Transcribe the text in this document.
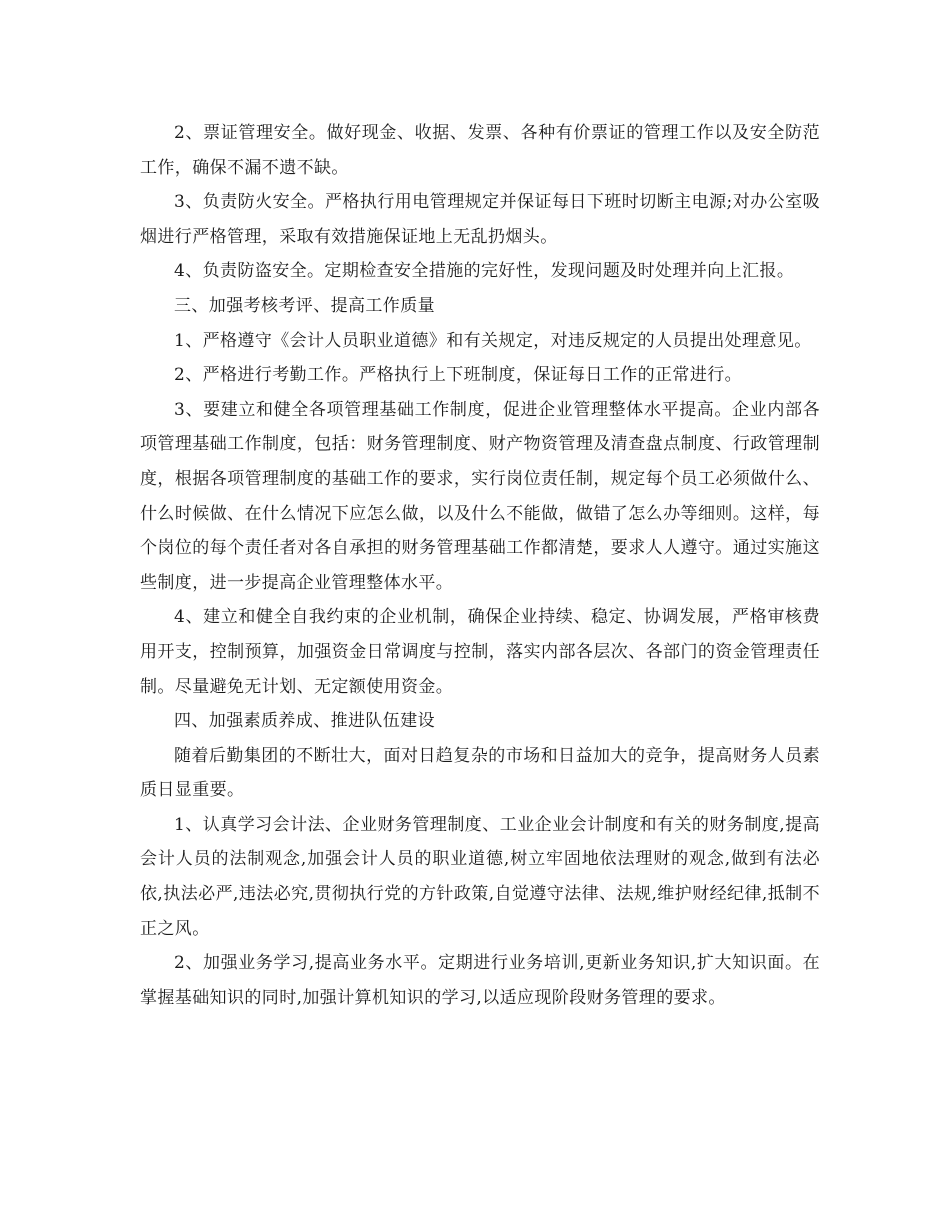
2、票证管理安全。做好现金、收据、发票、各种有价票证的管理工作以及安全防范工作，确保不漏不遗不缺。

3、负责防火安全。严格执行用电管理规定并保证每日下班时切断主电源;对办公室吸烟进行严格管理，采取有效措施保证地上无乱扔烟头。

4、负责防盗安全。定期检查安全措施的完好性，发现问题及时处理并向上汇报。

三、加强考核考评、提高工作质量

1、严格遵守《会计人员职业道德》和有关规定，对违反规定的人员提出处理意见。

2、严格进行考勤工作。严格执行上下班制度，保证每日工作的正常进行。

3、要建立和健全各项管理基础工作制度，促进企业管理整体水平提高。企业内部各项管理基础工作制度，包括：财务管理制度、财产物资管理及清查盘点制度、行政管理制度，根据各项管理制度的基础工作的要求，实行岗位责任制，规定每个员工必须做什么、什么时候做、在什么情况下应怎么做，以及什么不能做，做错了怎么办等细则。这样，每个岗位的每个责任者对各自承担的财务管理基础工作都清楚，要求人人遵守。通过实施这些制度，进一步提高企业管理整体水平。

4、建立和健全自我约束的企业机制，确保企业持续、稳定、协调发展，严格审核费用开支，控制预算，加强资金日常调度与控制，落实内部各层次、各部门的资金管理责任制。尽量避免无计划、无定额使用资金。

四、加强素质养成、推进队伍建设

随着后勤集团的不断壮大，面对日趋复杂的市场和日益加大的竞争，提高财务人员素质日显重要。

1、认真学习会计法、企业财务管理制度、工业企业会计制度和有关的财务制度,提高会计人员的法制观念,加强会计人员的职业道德,树立牢固地依法理财的观念,做到有法必依,执法必严,违法必究,贯彻执行党的方针政策,自觉遵守法律、法规,维护财经纪律,抵制不正之风。

2、加强业务学习,提高业务水平。定期进行业务培训,更新业务知识,扩大知识面。在掌握基础知识的同时,加强计算机知识的学习,以适应现阶段财务管理的要求。
